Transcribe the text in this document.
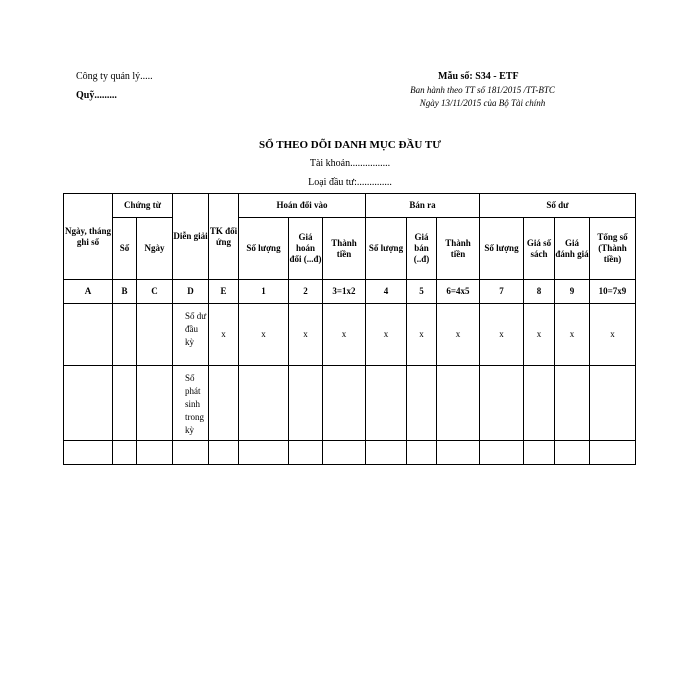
Công ty quản lý.....
Quỹ.........
Mẫu số: S34 - ETF
Ban hành theo TT số 181/2015 /TT-BTC
Ngày 13/11/2015 của Bộ Tài chính
SỔ THEO DÕI DANH MỤC ĐẦU TƯ
Tài khoản................
Loại đầu tư:..............
Ngày, tháng ghi sổ	Chứng từ		Diễn giải	TK đối ứng	Hoán đổi vào			Bán ra			Số dư			
	Số	Ngày			Số lượng	Giá hoán đổi (...đ)	Thành tiền	Số lượng	Giá bán (..đ)	Thành tiền	Số lượng	Giá số sách	Giá đánh giá	Tổng số (Thành tiền)
A	B	C	D	E	1	2	3=1x2	4	5	6=4x5	7	8	9	10=7x9
			Số dư đầu kỳ	x	x	x	x	x	x	x	x	x	x	x
			Số phát sinh trong kỳ											
